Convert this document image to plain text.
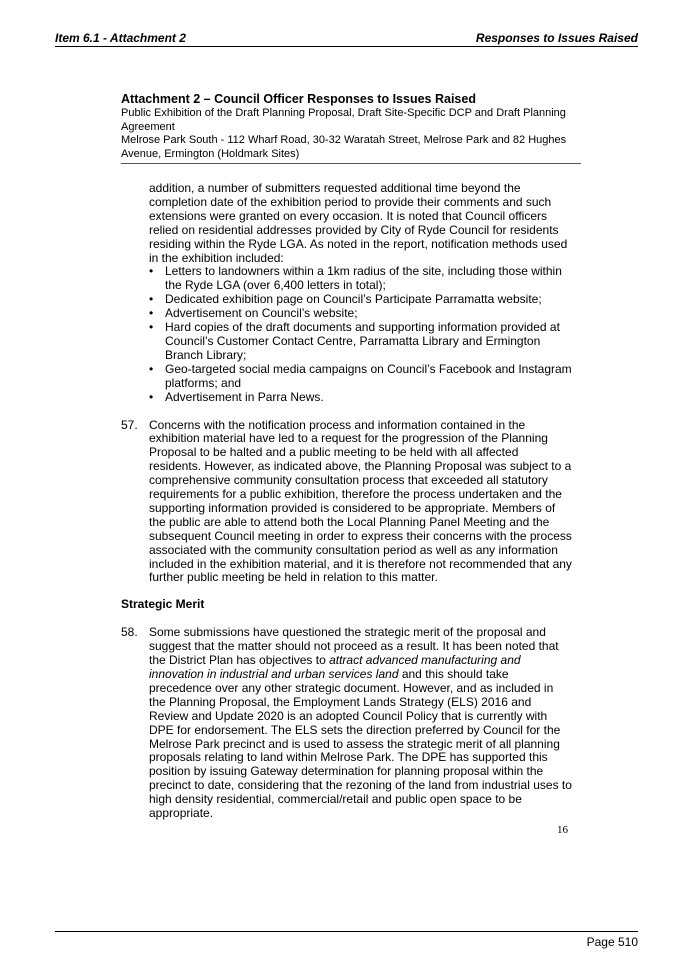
Item 6.1 - Attachment 2	Responses to Issues Raised
Attachment 2 – Council Officer Responses to Issues Raised
Public Exhibition of the Draft Planning Proposal, Draft Site-Specific DCP and Draft Planning Agreement
Melrose Park South - 112 Wharf Road, 30-32 Waratah Street, Melrose Park and 82 Hughes Avenue, Ermington (Holdmark Sites)
addition, a number of submitters requested additional time beyond the completion date of the exhibition period to provide their comments and such extensions were granted on every occasion. It is noted that Council officers relied on residential addresses provided by City of Ryde Council for residents residing within the Ryde LGA. As noted in the report, notification methods used in the exhibition included:
• Letters to landowners within a 1km radius of the site, including those within the Ryde LGA (over 6,400 letters in total);
• Dedicated exhibition page on Council’s Participate Parramatta website;
• Advertisement on Council’s website;
• Hard copies of the draft documents and supporting information provided at Council’s Customer Contact Centre, Parramatta Library and Ermington Branch Library;
• Geo-targeted social media campaigns on Council’s Facebook and Instagram platforms; and
• Advertisement in Parra News.
57. Concerns with the notification process and information contained in the exhibition material have led to a request for the progression of the Planning Proposal to be halted and a public meeting to be held with all affected residents. However, as indicated above, the Planning Proposal was subject to a comprehensive community consultation process that exceeded all statutory requirements for a public exhibition, therefore the process undertaken and the supporting information provided is considered to be appropriate. Members of the public are able to attend both the Local Planning Panel Meeting and the subsequent Council meeting in order to express their concerns with the process associated with the community consultation period as well as any information included in the exhibition material, and it is therefore not recommended that any further public meeting be held in relation to this matter.
Strategic Merit
58. Some submissions have questioned the strategic merit of the proposal and suggest that the matter should not proceed as a result. It has been noted that the District Plan has objectives to attract advanced manufacturing and innovation in industrial and urban services land and this should take precedence over any other strategic document. However, and as included in the Planning Proposal, the Employment Lands Strategy (ELS) 2016 and Review and Update 2020 is an adopted Council Policy that is currently with DPE for endorsement. The ELS sets the direction preferred by Council for the Melrose Park precinct and is used to assess the strategic merit of all planning proposals relating to land within Melrose Park. The DPE has supported this position by issuing Gateway determination for planning proposal within the precinct to date, considering that the rezoning of the land from industrial uses to high density residential, commercial/retail and public open space to be appropriate.
16
Page 510
